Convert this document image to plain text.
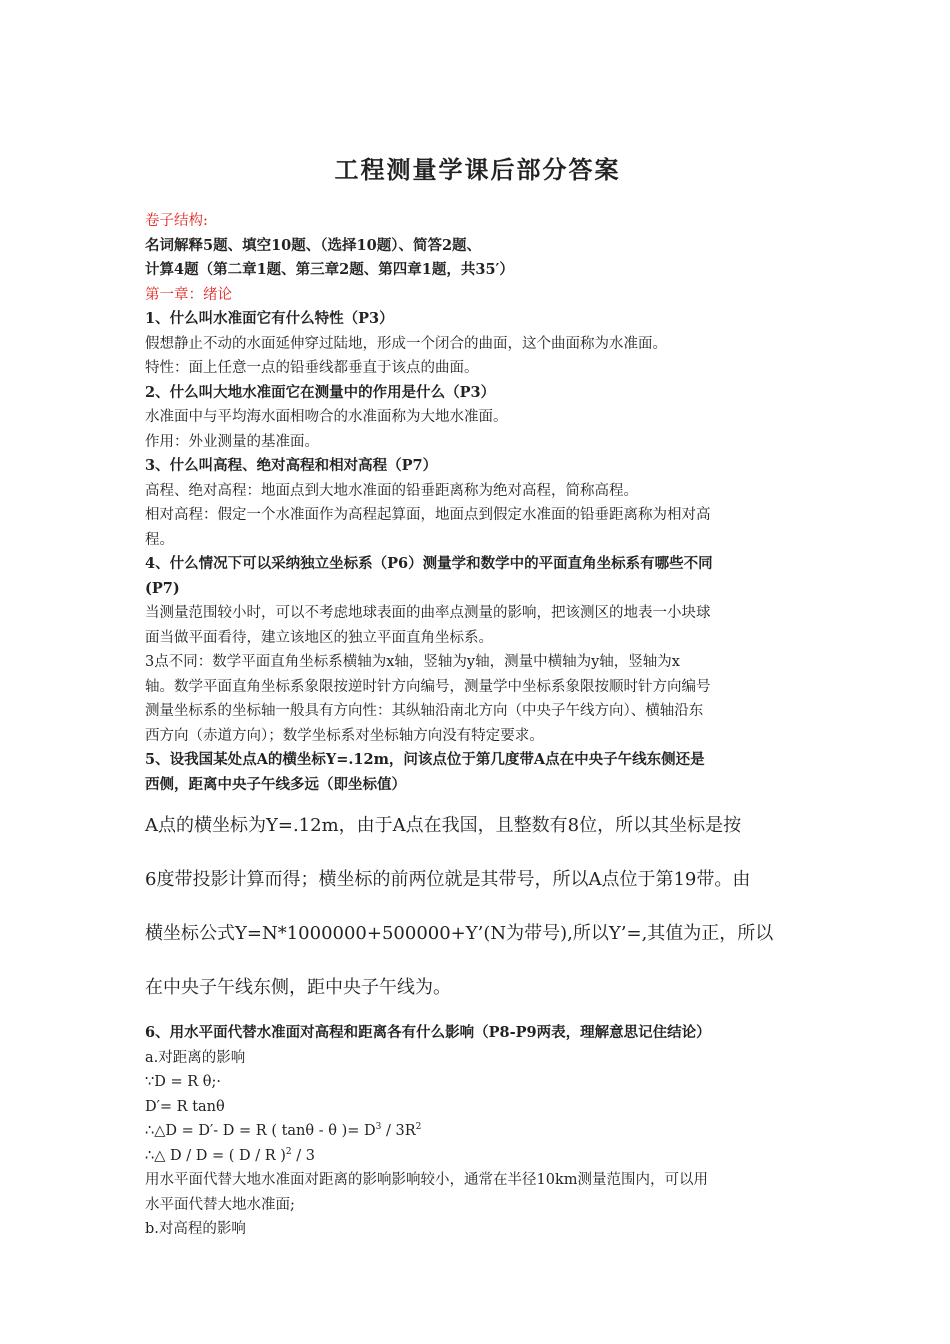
工程测量学课后部分答案

卷子结构:

名词解释5题、填空10题、（选择10题）、简答2题、

计算4题（第二章1题、第三章2题、第四章1题，共35′）

第一章：绪论

1、什么叫水准面它有什么特性（P3）

假想静止不动的水面延伸穿过陆地，形成一个闭合的曲面，这个曲面称为水准面。

特性：面上任意一点的铅垂线都垂直于该点的曲面。

2、什么叫大地水准面它在测量中的作用是什么（P3）

水准面中与平均海水面相吻合的水准面称为大地水准面。

作用：外业测量的基准面。

3、什么叫高程、绝对高程和相对高程（P7）

高程、绝对高程：地面点到大地水准面的铅垂距离称为绝对高程，简称高程。

相对高程：假定一个水准面作为高程起算面，地面点到假定水准面的铅垂距离称为相对高

程。

4、什么情况下可以采纳独立坐标系（P6）测量学和数学中的平面直角坐标系有哪些不同

(P7)

当测量范围较小时，可以不考虑地球表面的曲率点测量的影响，把该测区的地表一小块球

面当做平面看待，建立该地区的独立平面直角坐标系。

3点不同：数学平面直角坐标系横轴为x轴，竖轴为y轴，测量中横轴为y轴，竖轴为x

轴。数学平面直角坐标系象限按逆时针方向编号，测量学中坐标系象限按顺时针方向编号

测量坐标系的坐标轴一般具有方向性：其纵轴沿南北方向（中央子午线方向）、横轴沿东

西方向（赤道方向）；数学坐标系对坐标轴方向没有特定要求。

5、设我国某处点A的横坐标Y=.12m，问该点位于第几度带A点在中央子午线东侧还是

西侧，距离中央子午线多远（即坐标值）

A点的横坐标为Y=.12m，由于A点在我国，且整数有8位，所以其坐标是按

6度带投影计算而得；横坐标的前两位就是其带号，所以A点位于第19带。由

横坐标公式Y=N*1000000+500000+Y’(N为带号),所以Y’=,其值为正，所以

在中央子午线东侧，距中央子午线为。

6、用水平面代替水准面对高程和距离各有什么影响（P8-P9两表，理解意思记住结论）

a.对距离的影响

∵D = R θ;·

D′= R tanθ

∴△D = D′- D = R ( tanθ - θ )= $D^3 / 3R^2$

∴△ D / D = ( D / R )$^2$ / 3

用水平面代替大地水准面对距离的影响影响较小，通常在半径10km测量范围内，可以用

水平面代替大地水准面;

b.对高程的影响
